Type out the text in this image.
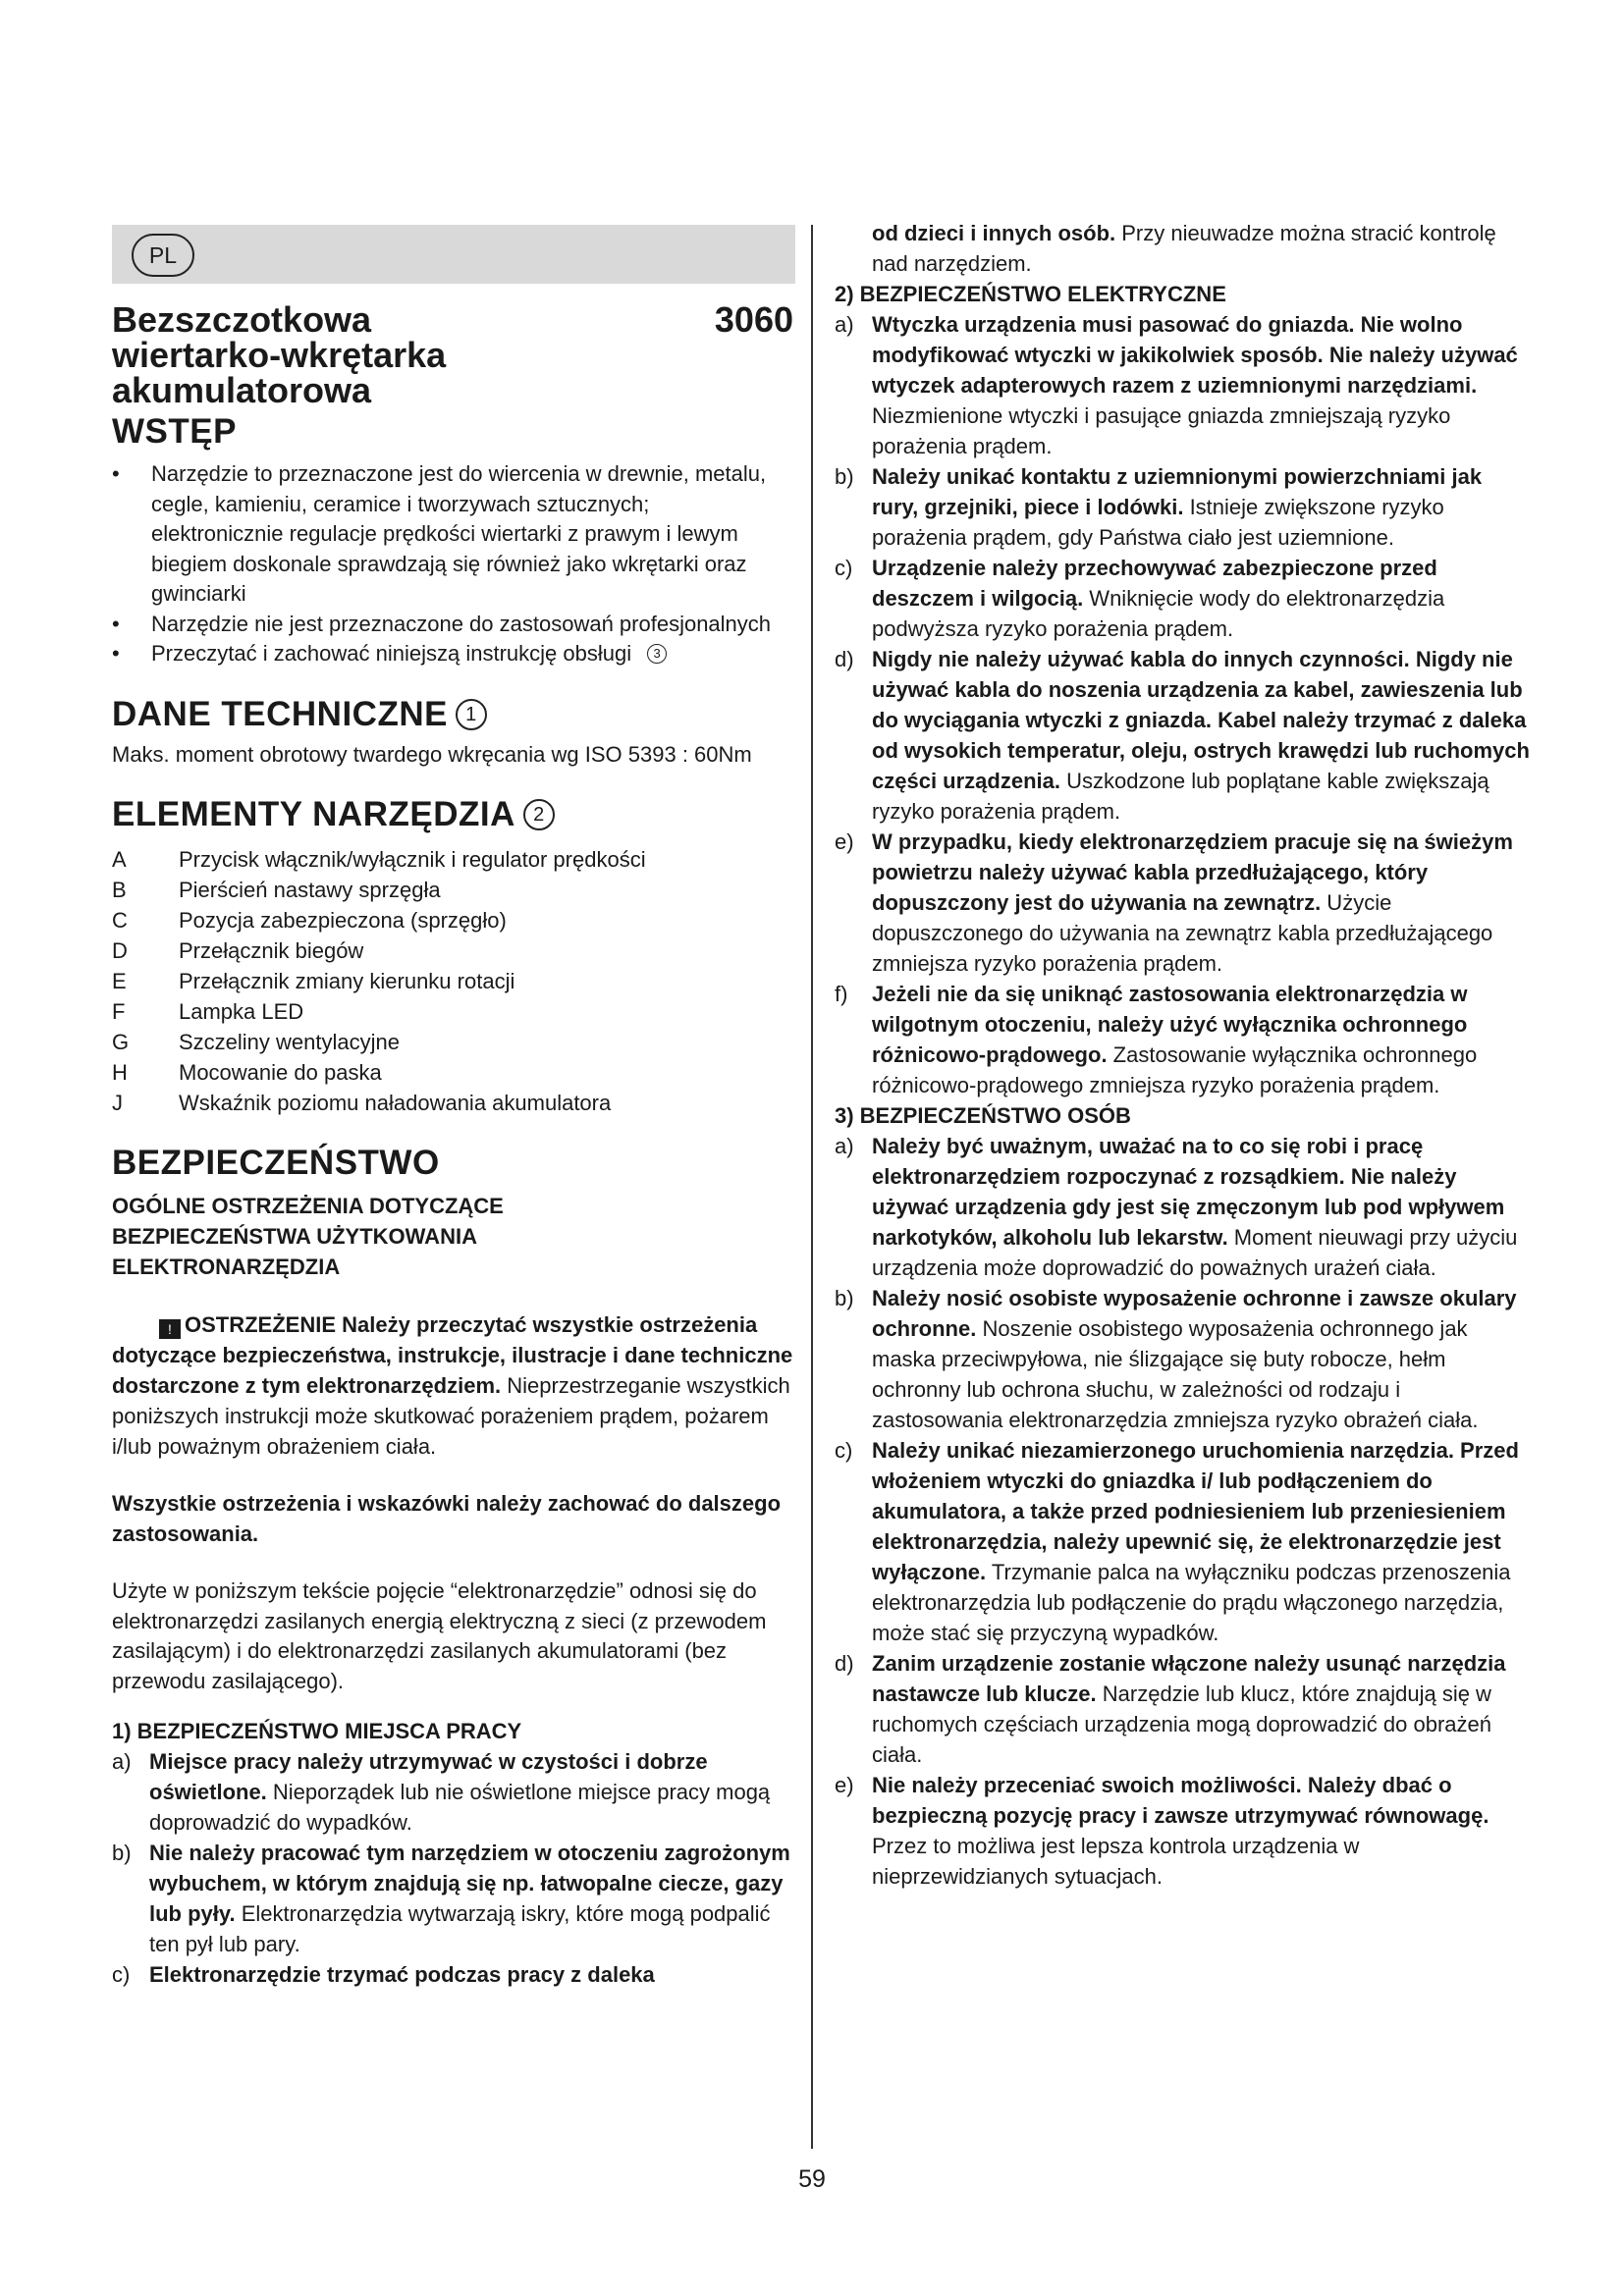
PL
Bezszczotkowa
wiertarko-wkrętarka
akumulatorowa
3060
WSTĘP
• Narzędzie to przeznaczone jest do wiercenia w drewnie, metalu, cegle, kamieniu, ceramice i tworzywach sztucznych; elektronicznie regulacje prędkości wiertarki z prawym i lewym biegiem doskonale sprawdzają się również jako wkrętarki oraz gwinciarki
• Narzędzie nie jest przeznaczone do zastosowań profesjonalnych
• Przeczytać i zachować niniejszą instrukcję obsługi 3
DANE TECHNICZNE 1

Maks. moment obrotowy twardego wkręcania wg ISO 5393 : 60Nm

ELEMENTY NARZĘDZIA 2
A	Przycisk włącznik/wyłącznik i regulator prędkości
B	Pierścień nastawy sprzęgła
C	Pozycja zabezpieczona (sprzęgło)
D	Przełącznik biegów
E	Przełącznik zmiany kierunku rotacji
F	Lampka LED
G	Szczeliny wentylacyjne
H	Mocowanie do paska
J	Wskaźnik poziomu naładowania akumulatora
BEZPIECZEŃSTWO
OGÓLNE OSTRZEŻENIA DOTYCZĄCE BEZPIECZEŃSTWA UŻYTKOWANIA ELEKTRONARZĘDZIA

! OSTRZEŻENIE Należy przeczytać wszystkie ostrzeżenia dotyczące bezpieczeństwa, instrukcje, ilustracje i dane techniczne dostarczone z tym elektronarzędziem. Nieprzestrzeganie wszystkich poniższych instrukcji może skutkować porażeniem prądem, pożarem i/lub poważnym obrażeniem ciała.

Wszystkie ostrzeżenia i wskazówki należy zachować do dalszego zastosowania.

Użyte w poniższym tekście pojęcie “elektronarzędzie” odnosi się do elektronarzędzi zasilanych energią elektryczną z sieci (z przewodem zasilającym) i do elektronarzędzi zasilanych akumulatorami (bez przewodu zasilającego).

1) BEZPIECZEŃSTWO MIEJSCA PRACY
a) Miejsce pracy należy utrzymywać w czystości i dobrze oświetlone. Nieporządek lub nie oświetlone miejsce pracy mogą doprowadzić do wypadków.
b) Nie należy pracować tym narzędziem w otoczeniu zagrożonym wybuchem, w którym znajdują się np. łatwopalne ciecze, gazy lub pyły. Elektronarzędzia wytwarzają iskry, które mogą podpalić ten pył lub pary.
c) Elektronarzędzie trzymać podczas pracy z daleka
od dzieci i innych osób. Przy nieuwadze można stracić kontrolę nad narzędziem.
2) BEZPIECZEŃSTWO ELEKTRYCZNE
a) Wtyczka urządzenia musi pasować do gniazda. Nie wolno modyfikować wtyczki w jakikolwiek sposób. Nie należy używać wtyczek adapterowych razem z uziemnionymi narzędziami. Niezmienione wtyczki i pasujące gniazda zmniejszają ryzyko porażenia prądem.
b) Należy unikać kontaktu z uziemnionymi powierzchniami jak rury, grzejniki, piece i lodówki. Istnieje zwiększone ryzyko porażenia prądem, gdy Państwa ciało jest uziemnione.
c) Urządzenie należy przechowywać zabezpieczone przed deszczem i wilgocią. Wniknięcie wody do elektronarzędzia podwyższa ryzyko porażenia prądem.
d) Nigdy nie należy używać kabla do innych czynności. Nigdy nie używać kabla do noszenia urządzenia za kabel, zawieszenia lub do wyciągania wtyczki z gniazda. Kabel należy trzymać z daleka od wysokich temperatur, oleju, ostrych krawędzi lub ruchomych części urządzenia. Uszkodzone lub poplątane kable zwiększają ryzyko porażenia prądem.
e) W przypadku, kiedy elektronarzędziem pracuje się na świeżym powietrzu należy używać kabla przedłużającego, który dopuszczony jest do używania na zewnątrz. Użycie dopuszczonego do używania na zewnątrz kabla przedłużającego zmniejsza ryzyko porażenia prądem.
f) Jeżeli nie da się uniknąć zastosowania elektronarzędzia w wilgotnym otoczeniu, należy użyć wyłącznika ochronnego różnicowo-prądowego. Zastosowanie wyłącznika ochronnego różnicowo-prądowego zmniejsza ryzyko porażenia prądem.
3) BEZPIECZEŃSTWO OSÓB
a) Należy być uważnym, uważać na to co się robi i pracę elektronarzędziem rozpoczynać z rozsądkiem. Nie należy używać urządzenia gdy jest się zmęczonym lub pod wpływem narkotyków, alkoholu lub lekarstw. Moment nieuwagi przy użyciu urządzenia może doprowadzić do poważnych urażeń ciała.
b) Należy nosić osobiste wyposażenie ochronne i zawsze okulary ochronne. Noszenie osobistego wyposażenia ochronnego jak maska przeciwpyłowa, nie ślizgające się buty robocze, hełm ochronny lub ochrona słuchu, w zależności od rodzaju i zastosowania elektronarzędzia zmniejsza ryzyko obrażeń ciała.
c) Należy unikać niezamierzonego uruchomienia narzędzia. Przed włożeniem wtyczki do gniazdka i/ lub podłączeniem do akumulatora, a także przed podniesieniem lub przeniesieniem elektronarzędzia, należy upewnić się, że elektronarzędzie jest wyłączone. Trzymanie palca na wyłączniku podczas przenoszenia elektronarzędzia lub podłączenie do prądu włączonego narzędzia, może stać się przyczyną wypadków.
d) Zanim urządzenie zostanie włączone należy usunąć narzędzia nastawcze lub klucze. Narzędzie lub klucz, które znajdują się w ruchomych częściach urządzenia mogą doprowadzić do obrażeń ciała.
e) Nie należy przeceniać swoich możliwości. Należy dbać o bezpieczną pozycję pracy i zawsze utrzymywać równowagę. Przez to możliwa jest lepsza kontrola urządzenia w nieprzewidzianych sytuacjach.
59
